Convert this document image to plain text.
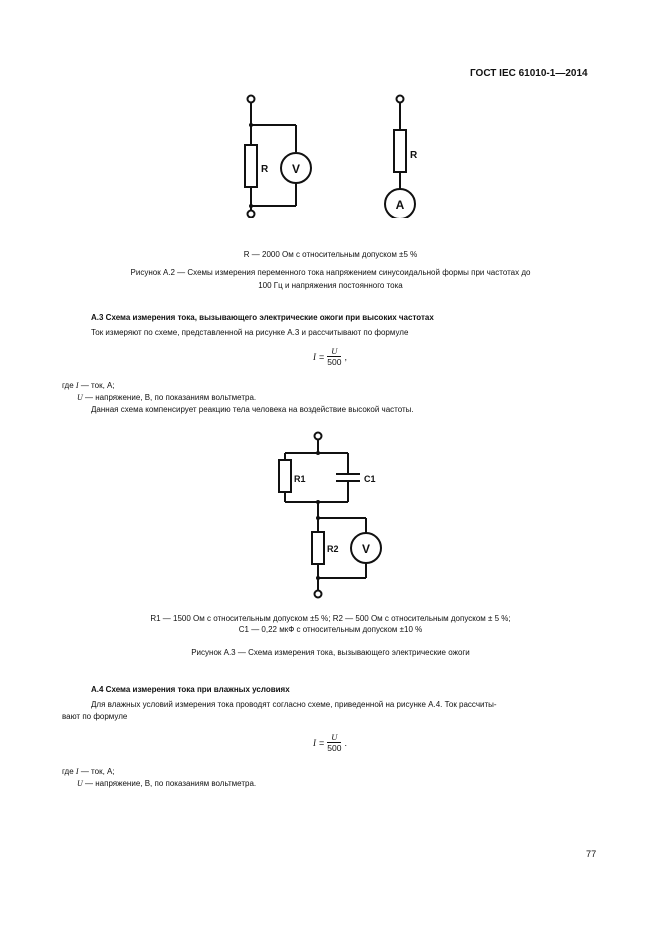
ГОСТ IEC 61010-1—2014
R V
R
A
R — 2000 Ом с относительным допуском ±5 %
Рисунок А.2 — Схемы измерения переменного тока напряжением синусоидальной формы при частотах до
100 Гц и напряжения постоянного тока
А.3 Схема измерения тока, вызывающего электрические ожоги при высоких частотах
Ток измеряют по схеме, представленной на рисунке А.3 и рассчитывают по формуле
$I = \frac{U}{500}$ ,
где I — ток, А;
U — напряжение, В, по показаниям вольтметра.
Данная схема компенсирует реакцию тела человека на воздействие высокой частоты.
R1	C1
R2 V
R1 — 1500 Ом с относительным допуском ±5 %; R2 — 500 Ом с относительным допуском ± 5 %;
С1 — 0,22 мкФ с относительным допуском ±10 %
Рисунок А.3 — Схема измерения тока, вызывающего электрические ожоги
А.4 Схема измерения тока при влажных условиях
Для влажных условий измерения тока проводят согласно схеме, приведенной на рисунке А.4. Ток рассчиты-
вают по формуле
$I = \frac{U}{500}$ .
где I — ток, А;
U — напряжение, В, по показаниям вольтметра.
77
